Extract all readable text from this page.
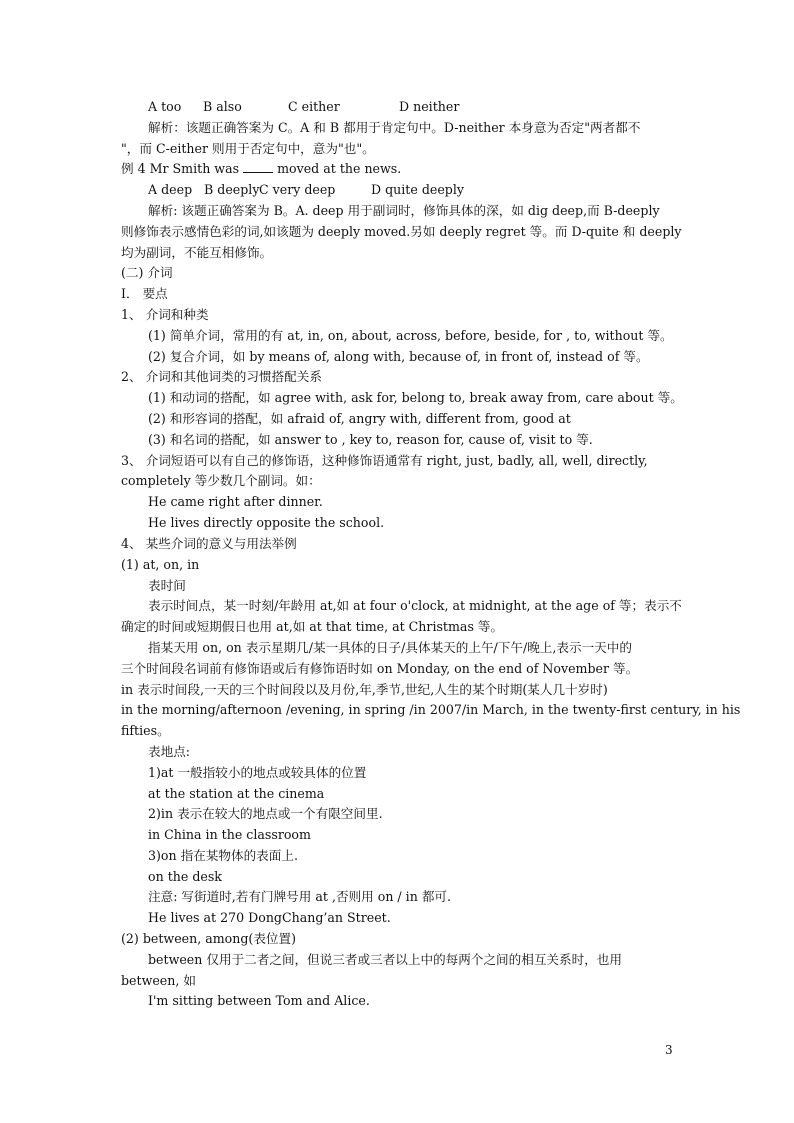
A too B also	C either	D neither
解析：该题正确答案为 C。A 和 B 都用于肯定句中。D-neither 本身意为否定"两者都不
"，而 C-either 则用于否定句中，意为"也"。
例 4 Mr Smith was	moved at the news.
A deep B deeply C very deep	D quite deeply
解析: 该题正确答案为 B。A. deep 用于副词时，修饰具体的深，如 dig deep,而 B-deeply
则修饰表示感情色彩的词,如该题为 deeply moved.另如 deeply regret 等。而 D-quite 和 deeply
均为副词，不能互相修饰。
(二) 介词
I． 要点
1、 介词和种类
(1) 简单介词，常用的有 at, in, on, about, across, before, beside, for , to, without 等。
(2) 复合介词，如 by means of, along with, because of, in front of, instead of 等。
2、 介词和其他词类的习惯搭配关系
(1) 和动词的搭配，如 agree with, ask for, belong to, break away from, care about 等。
(2) 和形容词的搭配，如 afraid of, angry with, different from, good at
(3) 和名词的搭配，如 answer to , key to, reason for, cause of, visit to 等.
3、 介词短语可以有自己的修饰语，这种修饰语通常有 right, just, badly, all, well, directly,
completely 等少数几个副词。如：
He came right after dinner.
He lives directly opposite the school.
4、 某些介词的意义与用法举例
(1) at, on, in
表时间
表示时间点，某一时刻/年龄用 at,如 at four o'clock, at midnight, at the age of 等；表示不
确定的时间或短期假日也用 at,如 at that time, at Christmas 等。
指某天用 on, on 表示星期几/某一具体的日子/具体某天的上午/下午/晚上,表示一天中的
三个时间段名词前有修饰语或后有修饰语时如 on Monday, on the end of November 等。
in 表示时间段,一天的三个时间段以及月份,年,季节,世纪,人生的某个时期(某人几十岁时)
in the morning/afternoon /evening, in spring /in 2007/in March, in the twenty-first century, in his
fifties。
表地点:
1)at 一般指较小的地点或较具体的位置
at the station at the cinema
2)in 表示在较大的地点或一个有限空间里.
in China in the classroom
3)on 指在某物体的表面上.
on the desk
注意: 写街道时,若有门牌号用 at ,否则用 on / in 都可.
He lives at 270 DongChang’an Street.
(2) between, among(表位置)
between 仅用于二者之间，但说三者或三者以上中的每两个之间的相互关系时，也用
between, 如
I'm sitting between Tom and Alice.
3
